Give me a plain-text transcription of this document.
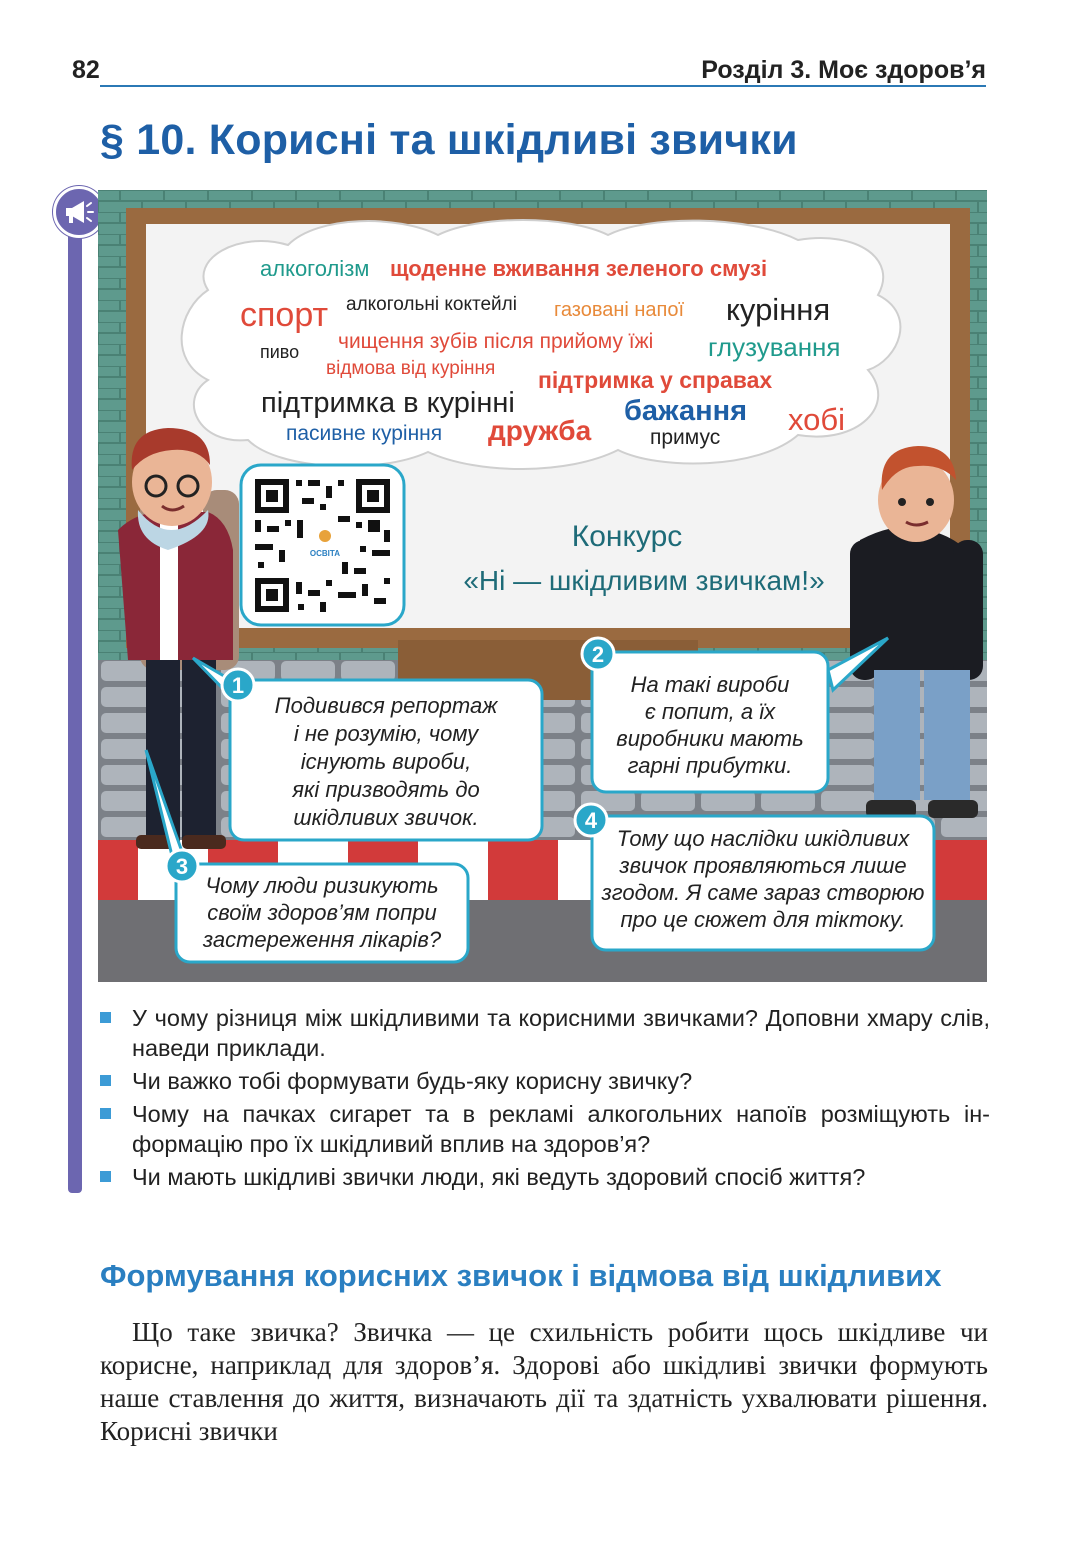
82	Розділ 3. Моє здоров’я
§ 10. Корисні та шкідливі звички
алкоголізм щоденне вживання зеленого смузі
спорт алкогольні коктейлі газовані напої куріння
пиво чищення зубів після прийому їжі глузування
відмова від куріння підтримка у справах
підтримка в курінні	бажання хобі
пасивне куріння дружба	примус
ОСВІТА
Конкурс
«Ні — шкідливим звичкам!»
1
Подивився репортаж
і не розумію, чому
існують вироби,
які призводять до
шкідливих звичок.
2
На такі вироби
є попит, а їх
виробники мають
гарні прибутки.
3
Чому люди ризикують
своїм здоров’ям попри
застереження лікарів?
4
Тому що наслідки шкідливих
звичок проявляються лише
згодом. Я саме зараз створюю
про це сюжет для тіктоку.
У чому різниця між шкідливими та корисними звичками? Доповни хмару слів, наведи приклади.
Чи важко тобі формувати будь-яку корисну звичку?
Чому на пачках сигарет та в рекламі алкогольних напоїв розміщують інформацію про їх шкідливий вплив на здоров’я?
Чи мають шкідливі звички люди, які ведуть здоровий спосіб життя?
Формування корисних звичок і відмова від шкідливих

Що таке звичка? Звичка — це схильність робити щось шкідливе чи корисне, наприклад для здоров’я. Здорові або шкідливі звички формують наше ставлення до життя, визначають дії та здатність ухвалювати рішення. Корисні звички
